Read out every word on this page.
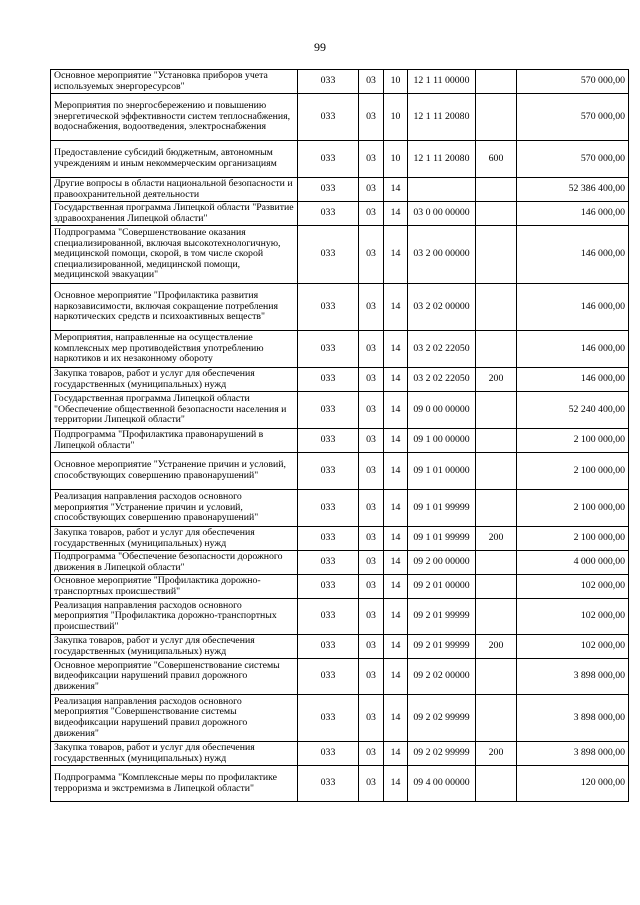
99
Основное мероприятие "Установка приборов учета используемых энергоресурсов"	033	03	10	12 1 11 00000		570 000,00
Мероприятия по энергосбережению и повышению энергетической эффективности систем теплоснабжения, водоснабжения, водоотведения, электроснабжения	033	03	10	12 1 11 20080		570 000,00
Предоставление субсидий бюджетным, автономным учреждениям и иным некоммерческим организациям	033	03	10	12 1 11 20080	600	570 000,00
Другие вопросы в области национальной безопасности и правоохранительной деятельности	033	03	14			52 386 400,00
Государственная программа Липецкой области "Развитие здравоохранения Липецкой области"	033	03	14	03 0 00 00000		146 000,00
Подпрограмма "Совершенствование оказания специализированной, включая высокотехнологичную, медицинской помощи, скорой, в том числе скорой специализированной, медицинской помощи, медицинской эвакуации"	033	03	14	03 2 00 00000		146 000,00
Основное мероприятие "Профилактика развития наркозависимости, включая сокращение потребления наркотических средств и психоактивных веществ"	033	03	14	03 2 02 00000		146 000,00
Мероприятия, направленные на осуществление комплексных мер противодействия употреблению наркотиков и их незаконному обороту	033	03	14	03 2 02 22050		146 000,00
Закупка товаров, работ и услуг для обеспечения государственных (муниципальных) нужд	033	03	14	03 2 02 22050	200	146 000,00
Государственная программа Липецкой области "Обеспечение общественной безопасности населения и территории Липецкой области"	033	03	14	09 0 00 00000		52 240 400,00
Подпрограмма "Профилактика правонарушений в Липецкой области"	033	03	14	09 1 00 00000		2 100 000,00
Основное мероприятие "Устранение причин и условий, способствующих совершению правонарушений"	033	03	14	09 1 01 00000		2 100 000,00
Реализация направления расходов основного мероприятия "Устранение причин и условий, способствующих совершению правонарушений"	033	03	14	09 1 01 99999		2 100 000,00
Закупка товаров, работ и услуг для обеспечения государственных (муниципальных) нужд	033	03	14	09 1 01 99999	200	2 100 000,00
Подпрограмма "Обеспечение безопасности дорожного движения в Липецкой области"	033	03	14	09 2 00 00000		4 000 000,00
Основное мероприятие "Профилактика дорожно-транспортных происшествий"	033	03	14	09 2 01 00000		102 000,00
Реализация направления расходов основного мероприятия "Профилактика дорожно-транспортных происшествий"	033	03	14	09 2 01 99999		102 000,00
Закупка товаров, работ и услуг для обеспечения государственных (муниципальных) нужд	033	03	14	09 2 01 99999	200	102 000,00
Основное мероприятие "Совершенствование системы видеофиксации нарушений правил дорожного движения"	033	03	14	09 2 02 00000		3 898 000,00
Реализация направления расходов основного мероприятия "Совершенствование системы видеофиксации нарушений правил дорожного движения"	033	03	14	09 2 02 99999		3 898 000,00
Закупка товаров, работ и услуг для обеспечения государственных (муниципальных) нужд	033	03	14	09 2 02 99999	200	3 898 000,00
Подпрограмма "Комплексные меры по профилактике терроризма и экстремизма в Липецкой области"	033	03	14	09 4 00 00000		120 000,00
